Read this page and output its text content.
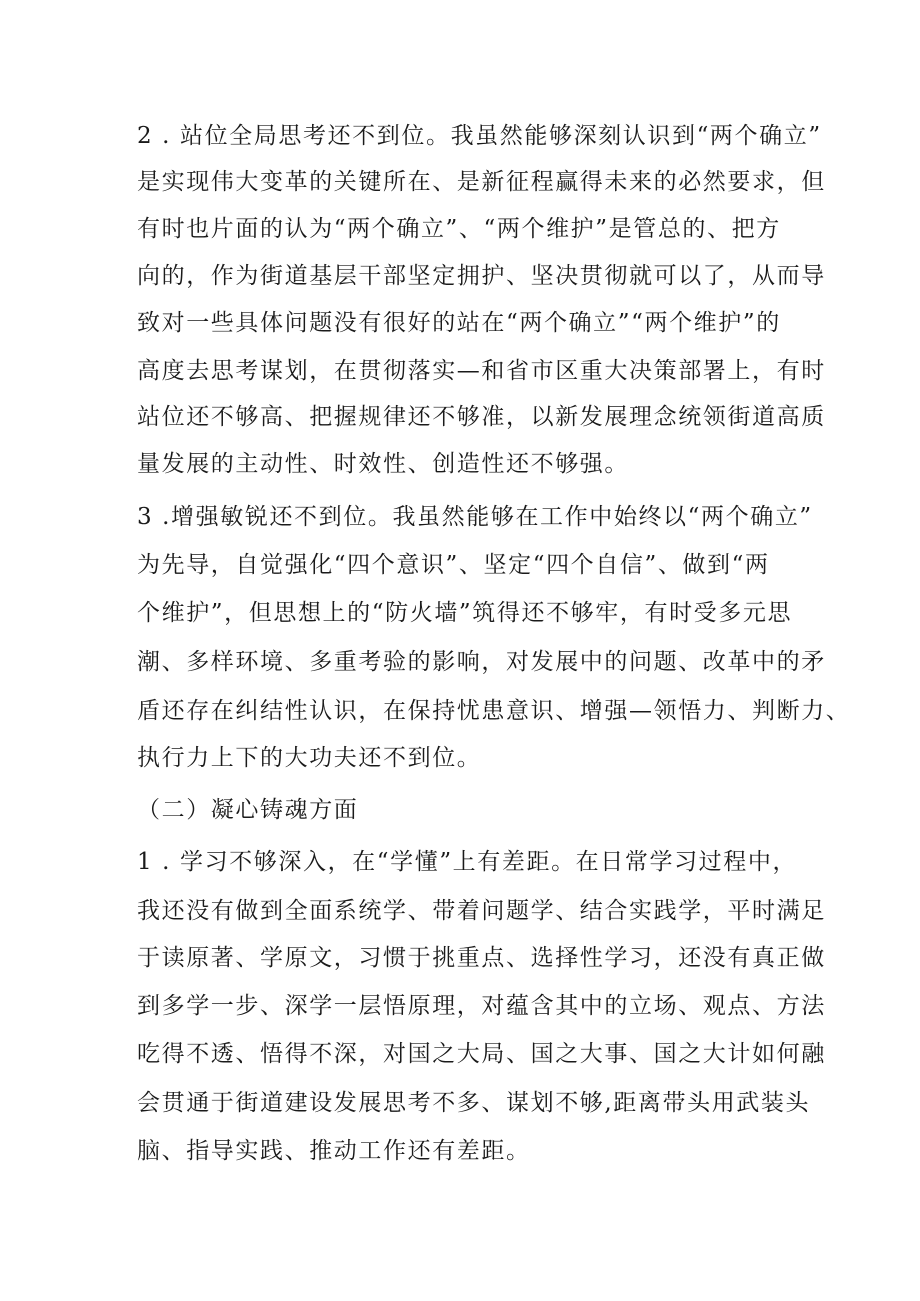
2 . 站位全局思考还不到位。我虽然能够深刻认识到“两个确立”
是实现伟大变革的关键所在、是新征程赢得未来的必然要求，但
有时也片面的认为“两个确立”、“两个维护”是管总的、把方
向的，作为街道基层干部坚定拥护、坚决贯彻就可以了，从而导
致对一些具体问题没有很好的站在“两个确立”“两个维护”的
高度去思考谋划，在贯彻落实—和省市区重大决策部署上，有时
站位还不够高、把握规律还不够准，以新发展理念统领街道高质
量发展的主动性、时效性、创造性还不够强。
3 .增强敏锐还不到位。我虽然能够在工作中始终以“两个确立”
为先导，自觉强化“四个意识”、坚定“四个自信”、做到“两
个维护”，但思想上的“防火墙”筑得还不够牢，有时受多元思
潮、多样环境、多重考验的影响，对发展中的问题、改革中的矛
盾还存在纠结性认识，在保持忧患意识、增强—领悟力、判断力、
执行力上下的大功夫还不到位。
（二）凝心铸魂方面
1 . 学习不够深入，在“学懂”上有差距。在日常学习过程中，
我还没有做到全面系统学、带着问题学、结合实践学，平时满足
于读原著、学原文，习惯于挑重点、选择性学习，还没有真正做
到多学一步、深学一层悟原理，对蕴含其中的立场、观点、方法
吃得不透、悟得不深，对国之大局、国之大事、国之大计如何融
会贯通于街道建设发展思考不多、谋划不够,距离带头用武装头
脑、指导实践、推动工作还有差距。
